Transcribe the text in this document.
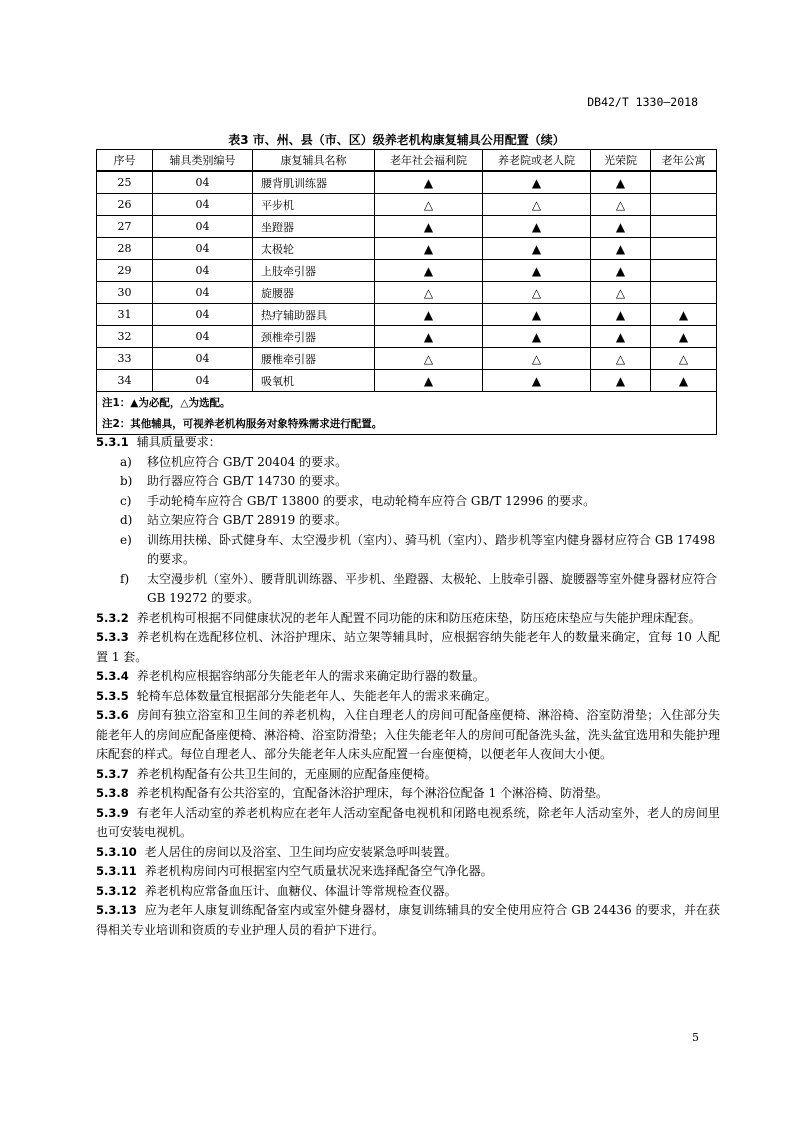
DB42/T 1330—2018
表3 市、州、县（市、区）级养老机构康复辅具公用配置（续）
序号	辅具类别编号	康复辅具名称	老年社会福利院	养老院或老人院	光荣院	老年公寓
25	04	腰背肌训练器	▲	▲	▲	
26	04	平步机	△	△	△	
27	04	坐蹬器	▲	▲	▲	
28	04	太极轮	▲	▲	▲	
29	04	上肢牵引器	▲	▲	▲	
30	04	旋腰器	△	△	△	
31	04	热疗辅助器具	▲	▲	▲	▲
32	04	颈椎牵引器	▲	▲	▲	▲
33	04	腰椎牵引器	△	△	△	△
34	04	吸氧机	▲	▲	▲	▲
注1：▲为必配，△为选配。						
注2：其他辅具，可视养老机构服务对象特殊需求进行配置。						

5.3.1 辅具质量要求：

a)	移位机应符合 GB/T 20404 的要求。
b)	助行器应符合 GB/T 14730 的要求。
c)	手动轮椅车应符合 GB/T 13800 的要求，电动轮椅车应符合 GB/T 12996 的要求。
d)	站立架应符合 GB/T 28919 的要求。
e)	训练用扶梯、卧式健身车、太空漫步机（室内）、骑马机（室内）、踏步机等室内健身器材应符合 GB 17498 的要求。
f)	太空漫步机（室外）、腰背肌训练器、平步机、坐蹬器、太极轮、上肢牵引器、旋腰器等室外健身器材应符合 GB 19272 的要求。

5.3.2 养老机构可根据不同健康状况的老年人配置不同功能的床和防压疮床垫，防压疮床垫应与失能护理床配套。

5.3.3 养老机构在选配移位机、沐浴护理床、站立架等辅具时，应根据容纳失能老年人的数量来确定，宜每 10 人配置 1 套。

5.3.4 养老机构应根据容纳部分失能老年人的需求来确定助行器的数量。

5.3.5 轮椅车总体数量宜根据部分失能老年人、失能老年人的需求来确定。

5.3.6 房间有独立浴室和卫生间的养老机构，入住自理老人的房间可配备座便椅、淋浴椅、浴室防滑垫；入住部分失能老年人的房间应配备座便椅、淋浴椅、浴室防滑垫；入住失能老年人的房间可配备洗头盆，洗头盆宜选用和失能护理床配套的样式。每位自理老人、部分失能老年人床头应配置一台座便椅，以便老年人夜间大小便。

5.3.7 养老机构配备有公共卫生间的，无座厕的应配备座便椅。

5.3.8 养老机构配备有公共浴室的，宜配备沐浴护理床，每个淋浴位配备 1 个淋浴椅、防滑垫。

5.3.9 有老年人活动室的养老机构应在老年人活动室配备电视机和闭路电视系统，除老年人活动室外，老人的房间里也可安装电视机。

5.3.10 老人居住的房间以及浴室、卫生间均应安装紧急呼叫装置。

5.3.11 养老机构房间内可根据室内空气质量状况来选择配备空气净化器。

5.3.12 养老机构应常备血压计、血糖仪、体温计等常规检查仪器。

5.3.13 应为老年人康复训练配备室内或室外健身器材，康复训练辅具的安全使用应符合 GB 24436 的要求，并在获得相关专业培训和资质的专业护理人员的看护下进行。

5
